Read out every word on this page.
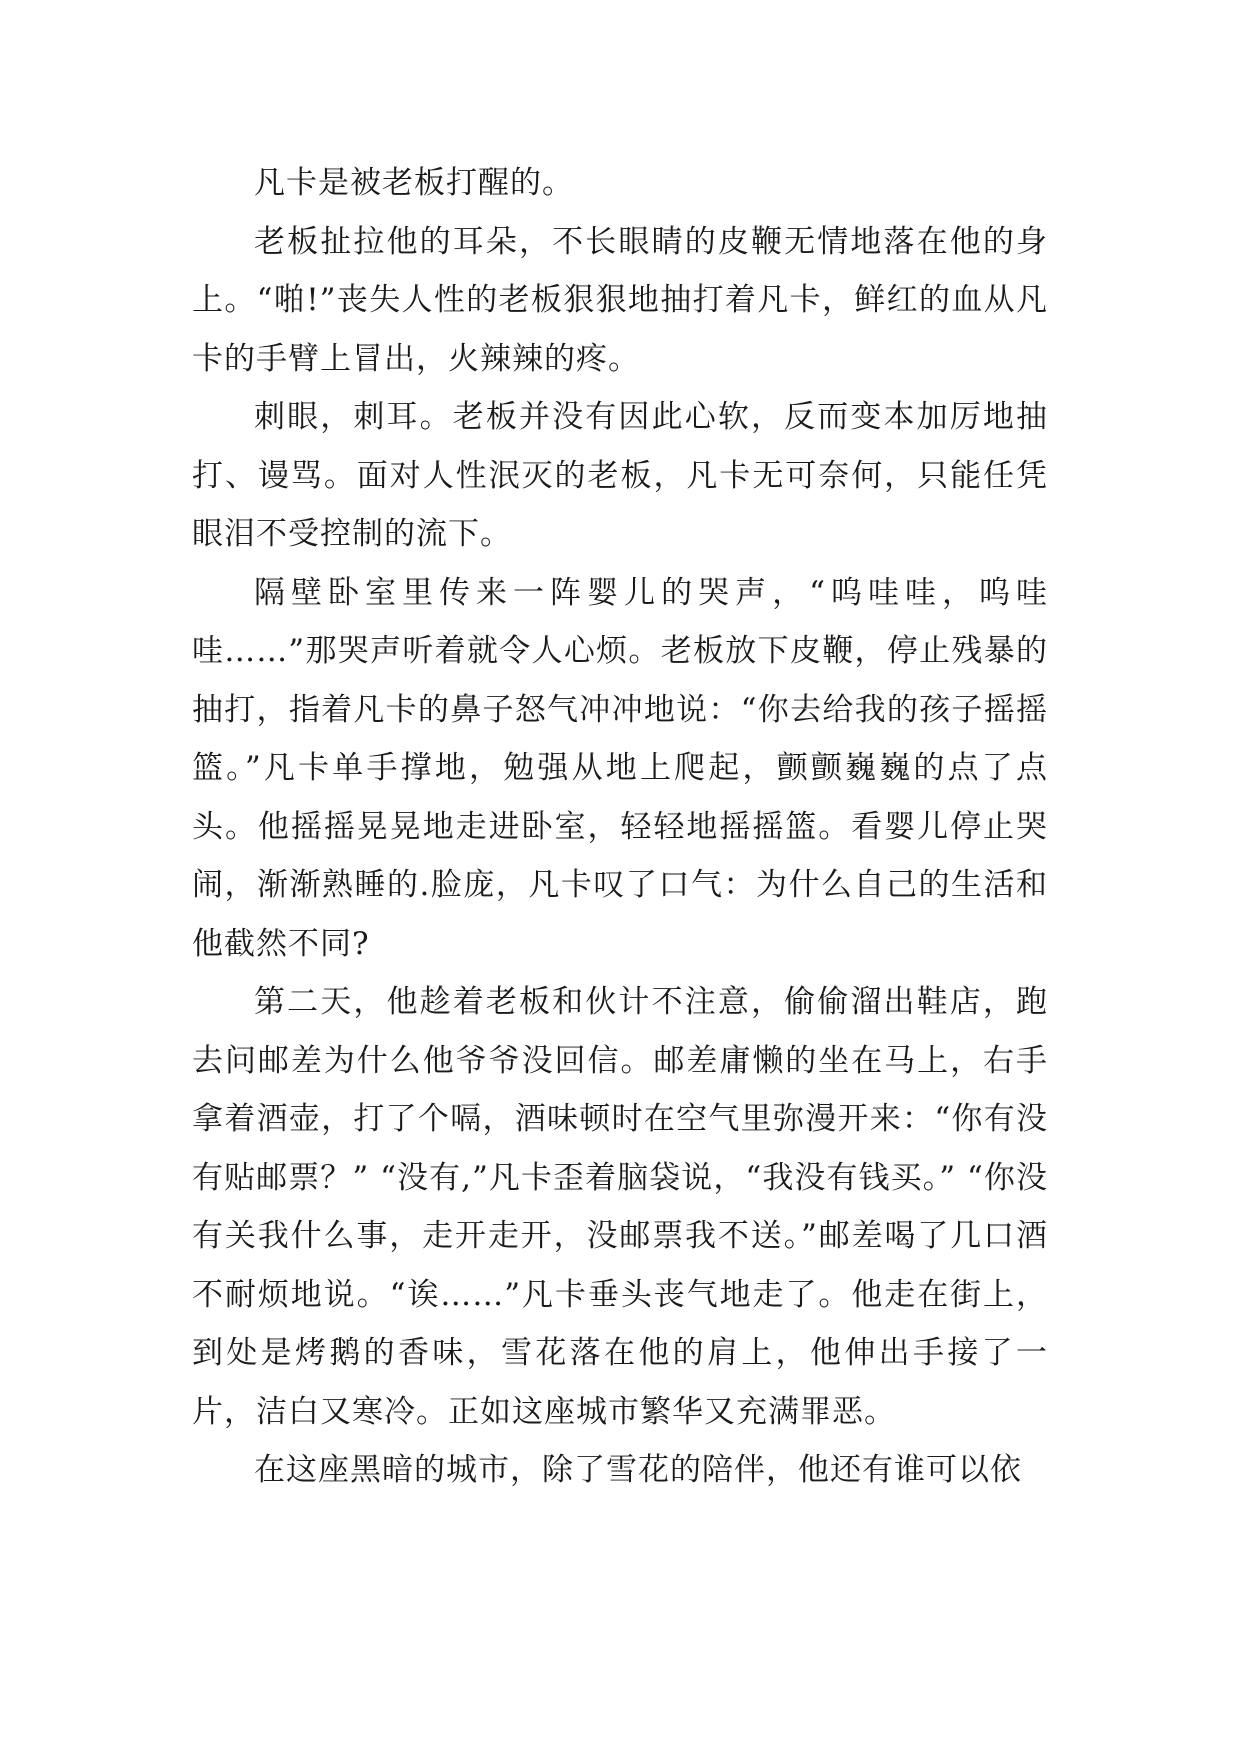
凡卡是被老板打醒的。

老板扯拉他的耳朵，不长眼睛的皮鞭无情地落在他的身上。“啪!”丧失人性的老板狠狠地抽打着凡卡，鲜红的血从凡卡的手臂上冒出，火辣辣的疼。

刺眼，刺耳。老板并没有因此心软，反而变本加厉地抽打、谩骂。面对人性泯灭的老板，凡卡无可奈何，只能任凭眼泪不受控制的流下。

隔壁卧室里传来一阵婴儿的哭声，“呜哇哇，呜哇哇……”那哭声听着就令人心烦。老板放下皮鞭，停止残暴的抽打，指着凡卡的鼻子怒气冲冲地说：“你去给我的孩子摇摇篮。”凡卡单手撑地，勉强从地上爬起，颤颤巍巍的点了点头。他摇摇晃晃地走进卧室，轻轻地摇摇篮。看婴儿停止哭闹，渐渐熟睡的.脸庞，凡卡叹了口气：为什么自己的生活和他截然不同?

第二天，他趁着老板和伙计不注意，偷偷溜出鞋店，跑去问邮差为什么他爷爷没回信。邮差庸懒的坐在马上，右手拿着酒壶，打了个嗝，酒味顿时在空气里弥漫开来：“你有没有贴邮票？” “没有,”凡卡歪着脑袋说，“我没有钱买。” “你没有关我什么事，走开走开，没邮票我不送。”邮差喝了几口酒不耐烦地说。“诶……”凡卡垂头丧气地走了。他走在街上，到处是烤鹅的香味，雪花落在他的肩上，他伸出手接了一片，洁白又寒冷。正如这座城市繁华又充满罪恶。

在这座黑暗的城市，除了雪花的陪伴，他还有谁可以依
